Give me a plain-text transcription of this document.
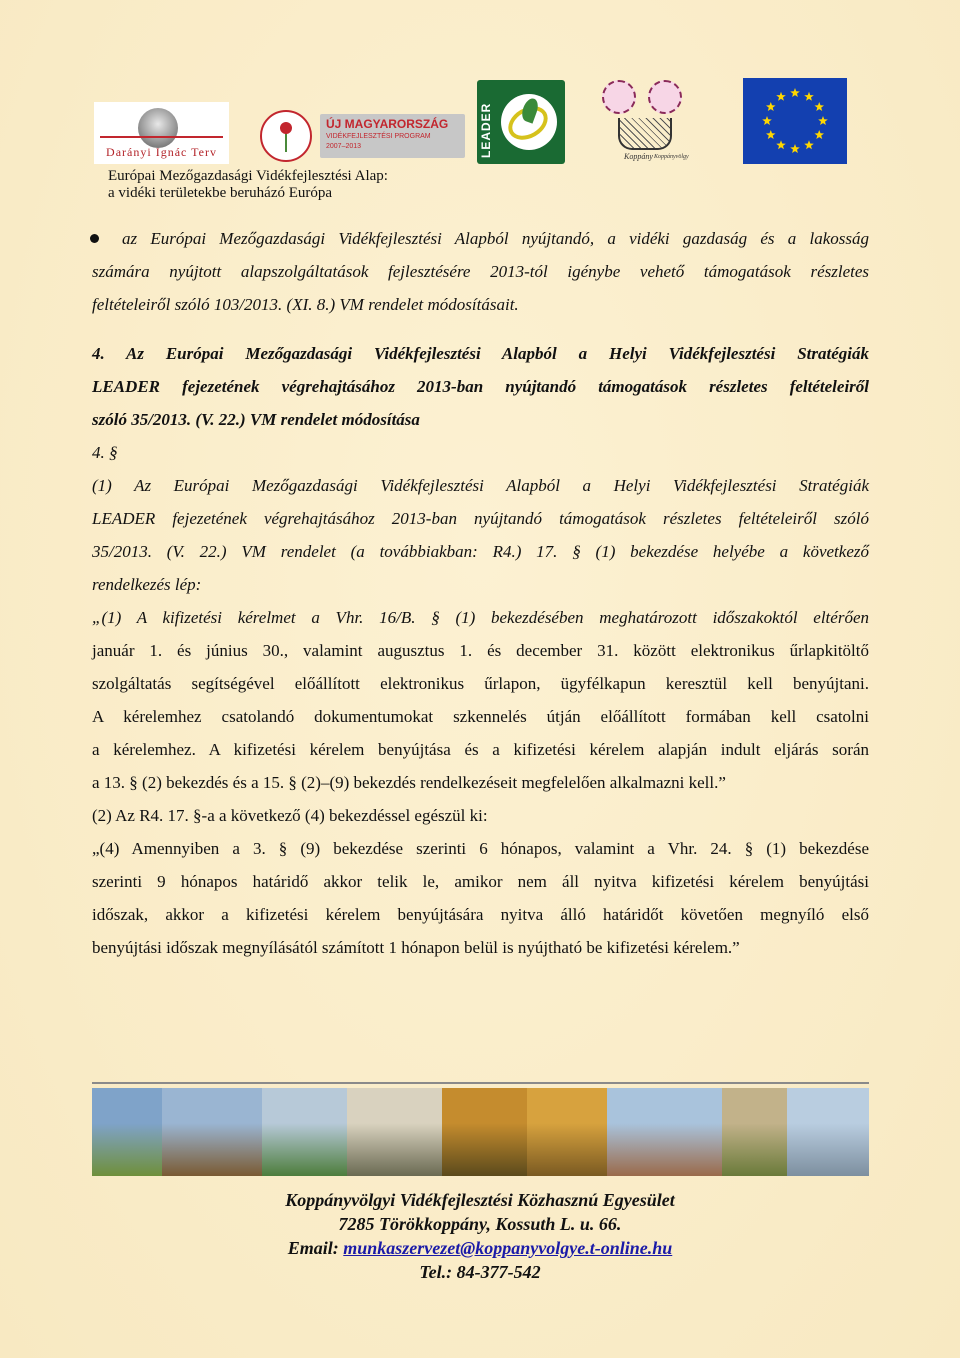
Darányi Ignác Terv
ÚJ MAGYARORSZÁG
VIDÉKFEJLESZTÉSI PROGRAM
2007–2013	LEADER	Koppány Koppányvölgy
Európai Mezőgazdasági Vidékfejlesztési Alap:
a vidéki területekbe beruházó Európa
az Európai Mezőgazdasági Vidékfejlesztési Alapból nyújtandó, a vidéki gazdaság és a lakosság
számára nyújtott alapszolgáltatások fejlesztésére 2013-tól igénybe vehető támogatások részletes
feltételeiről szóló 103/2013. (XI. 8.) VM rendelet módosításait.
4. Az Európai Mezőgazdasági Vidékfejlesztési Alapból a Helyi Vidékfejlesztési Stratégiák
LEADER fejezetének végrehajtásához 2013-ban nyújtandó támogatások részletes feltételeiről
szóló 35/2013. (V. 22.) VM rendelet módosítása
4. §
(1) Az Európai Mezőgazdasági Vidékfejlesztési Alapból a Helyi Vidékfejlesztési Stratégiák
LEADER fejezetének végrehajtásához 2013-ban nyújtandó támogatások részletes feltételeiről szóló
35/2013. (V. 22.) VM rendelet (a továbbiakban: R4.) 17. § (1) bekezdése helyébe a következő
rendelkezés lép:
„(1) A kifizetési kérelmet a Vhr. 16/B. § (1) bekezdésében meghatározott időszakoktól eltérően
január 1. és június 30., valamint augusztus 1. és december 31. között elektronikus űrlapkitöltő
szolgáltatás segítségével előállított elektronikus űrlapon, ügyfélkapun keresztül kell benyújtani.
A kérelemhez csatolandó dokumentumokat szkennelés útján előállított formában kell csatolni
a kérelemhez. A kifizetési kérelem benyújtása és a kifizetési kérelem alapján indult eljárás során
a 13. § (2) bekezdés és a 15. § (2)–(9) bekezdés rendelkezéseit megfelelően alkalmazni kell.”
(2) Az R4. 17. §-a a következő (4) bekezdéssel egészül ki:
„(4) Amennyiben a 3. § (9) bekezdése szerinti 6 hónapos, valamint a Vhr. 24. § (1) bekezdése
szerinti 9 hónapos határidő akkor telik le, amikor nem áll nyitva kifizetési kérelem benyújtási
időszak, akkor a kifizetési kérelem benyújtására nyitva álló határidőt követően megnyíló első
benyújtási időszak megnyílásától számított 1 hónapon belül is nyújtható be kifizetési kérelem.”
Koppányvölgyi Vidékfejlesztési Közhasznú Egyesület
7285 Törökkoppány, Kossuth L. u. 66.
Email: munkaszervezet@koppanyvolgye.t-online.hu
Tel.: 84-377-542
